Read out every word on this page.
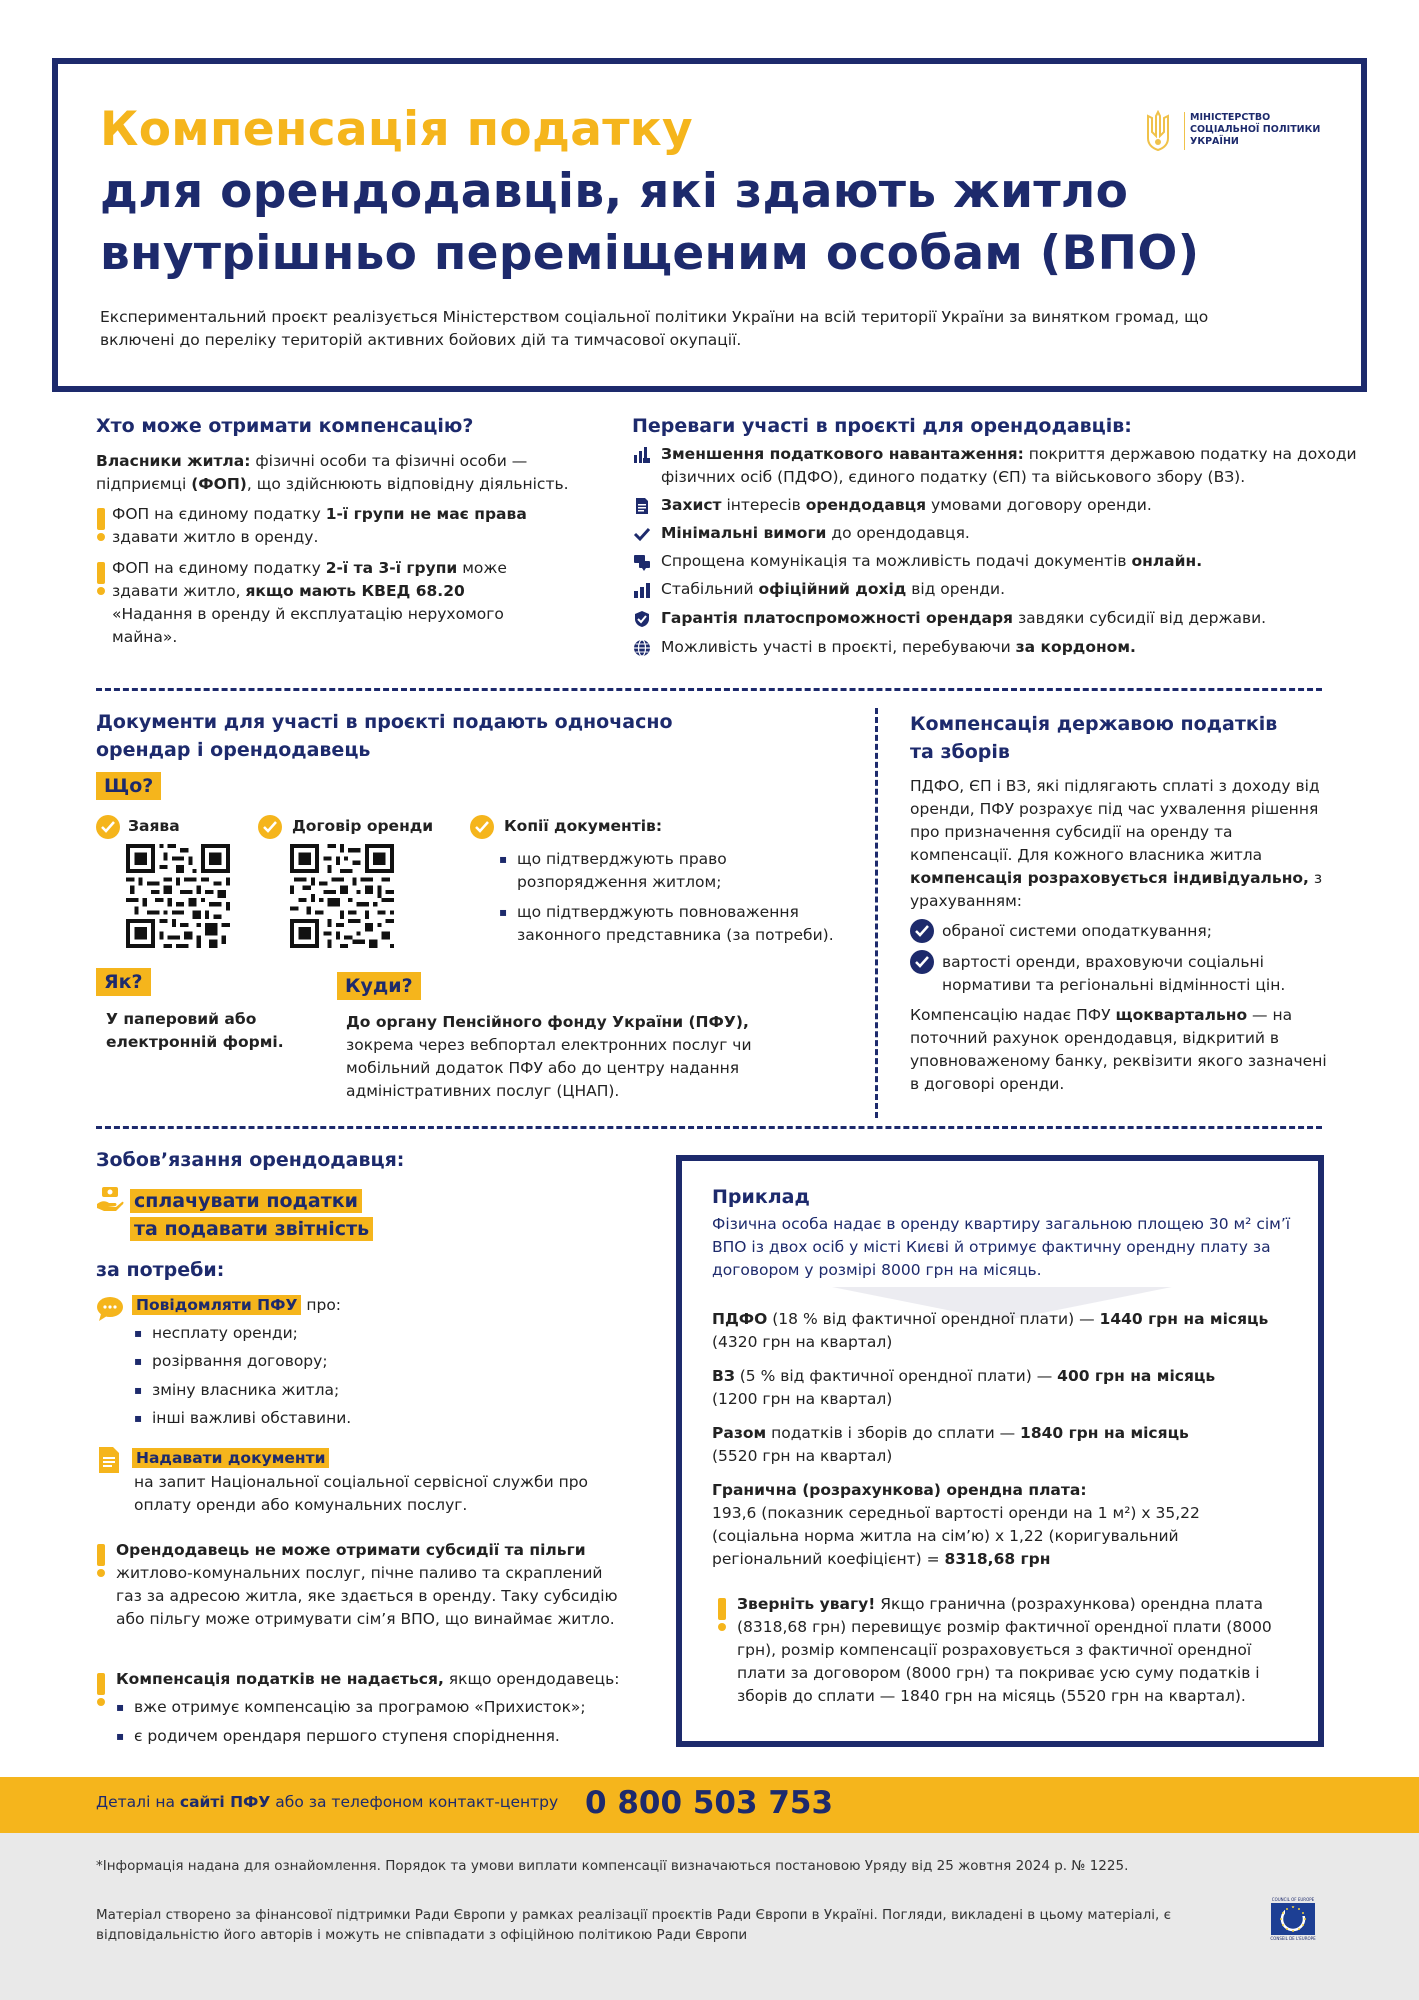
Компенсація податку
для орендодавців, які здають житло
внутрішньо переміщеним особам (ВПО)
Експериментальний проєкт реалізується Міністерством соціальної політики України на всій території України за винятком громад, що включені до переліку територій активних бойових дій та тимчасової окупації.
МІНІСТЕРСТВО
СОЦІАЛЬНОЇ ПОЛІТИКИ
УКРАЇНИ
Хто може отримати компенсацію?
Власники житла: фізичні особи та фізичні особи — підприємці (ФОП), що здійснюють відповідну діяльність.
ФОП на єдиному податку 1-ї групи не має права здавати житло в оренду.
ФОП на єдиному податку 2-ї та 3-ї групи може здавати житло, якщо мають КВЕД 68.20
«Надання в оренду й експлуатацію нерухомого майна».
Переваги участі в проєкті для орендодавців:
Зменшення податкового навантаження: покриття державою податку на доходи фізичних осіб (ПДФО), єдиного податку (ЄП) та військового збору (ВЗ).
Захист інтересів орендодавця умовами договору оренди.
Мінімальні вимоги до орендодавця.
Спрощена комунікація та можливість подачі документів онлайн.
Стабільний офіційний дохід від оренди.
Гарантія платоспроможності орендаря завдяки субсидії від держави.
Можливість участі в проєкті, перебуваючи за кордоном.
Документи для участі в проєкті подають одночасно
орендар і орендодавець
Що?
Заява	Договір оренди	Копії документів:
▪ що підтверджують право розпорядження житлом;
▪ що підтверджують повноваження законного представника (за потреби).
Як?
У паперовий або електронній формі.
Куди?
До органу Пенсійного фонду України (ПФУ),
зокрема через вебпортал електронних послуг чи мобільний додаток ПФУ або до центру надання адміністративних послуг (ЦНАП).
Компенсація державою податків
та зборів
ПДФО, ЄП і ВЗ, які підлягають сплаті з доходу від оренди, ПФУ розрахує під час ухвалення рішення про призначення субсидії на оренду та компенсації. Для кожного власника житла компенсація розраховується індивідуально, з урахуванням:
обраної системи оподаткування;
вартості оренди, враховуючи соціальні нормативи та регіональні відмінності цін.
Компенсацію надає ПФУ щоквартально — на поточний рахунок орендодавця, відкритий в уповноваженому банку, реквізити якого зазначені в договорі оренди.
Зобов’язання орендодавця:
сплачувати податки
та подавати звітність
за потреби:
Повідомляти ПФУ про:
▪ несплату оренди;
▪ розірвання договору;
▪ зміну власника житла;
▪ інші важливі обставини.
Надавати документи
на запит Національної соціальної сервісної служби про оплату оренди або комунальних послуг.
Орендодавець не може отримати субсидії та пільги
житлово-комунальних послуг, пічне паливо та скраплений газ за адресою житла, яке здається в оренду. Таку субсидію або пільгу може отримувати сім’я ВПО, що винаймає житло.
Компенсація податків не надається, якщо орендодавець:
▪ вже отримує компенсацію за програмою «Прихисток»;
▪ є родичем орендаря першого ступеня споріднення.
Приклад
Фізична особа надає в оренду квартиру загальною площею 30 м² сім’ї ВПО із двох осіб у місті Києві й отримує фактичну орендну плату за договором у розмірі 8000 грн на місяць.
ПДФО (18 % від фактичної орендної плати) — 1440 грн на місяць
(4320 грн на квартал)
ВЗ (5 % від фактичної орендної плати) — 400 грн на місяць
(1200 грн на квартал)
Разом податків і зборів до сплати — 1840 грн на місяць
(5520 грн на квартал)
Гранична (розрахункова) орендна плата:
193,6 (показник середньої вартості оренди на 1 м²) х 35,22 (соціальна норма житла на сім’ю) х 1,22 (коригувальний регіональний коефіцієнт) = 8318,68 грн
Зверніть увагу! Якщо гранична (розрахункова) орендна плата (8318,68 грн) перевищує розмір фактичної орендної плати (8000 грн), розмір компенсації розраховується з фактичної орендної плати за договором (8000 грн) та покриває усю суму податків і зборів до сплати — 1840 грн на місяць (5520 грн на квартал).
Деталі на сайті ПФУ або за телефоном контакт-центру 0 800 503 753
*Інформація надана для ознайомлення. Порядок та умови виплати компенсації визначаються постановою Уряду від 25 жовтня 2024 р. № 1225.
Матеріал створено за фінансової підтримки Ради Європи у рамках реалізації проєктів Ради Європи в Україні. Погляди, викладені в цьому матеріалі, є відповідальністю його авторів і можуть не співпадати з офіційною політикою Ради Європи
COUNCIL OF EUROPE
CONSEIL DE L'EUROPE
